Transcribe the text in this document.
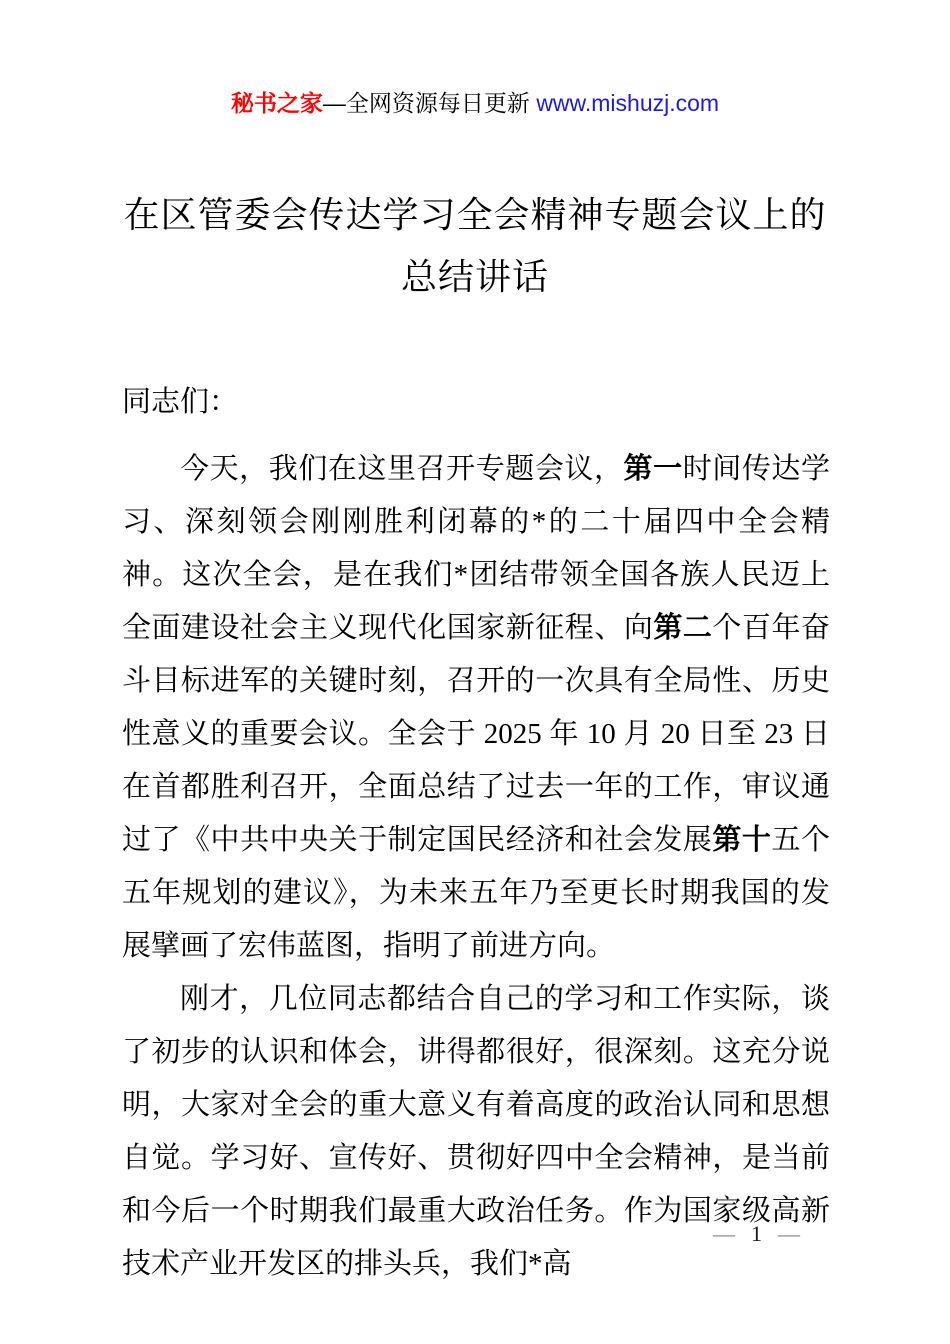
秘书之家—全网资源每日更新 www.mishuzj.com
在区管委会传达学习全会精神专题会议上的
总结讲话

同志们：

今天，我们在这里召开专题会议，第一时间传达学习、深刻领会刚刚胜利闭幕的*的二十届四中全会精神。这次全会，是在我们*团结带领全国各族人民迈上全面建设社会主义现代化国家新征程、向第二个百年奋斗目标进军的关键时刻，召开的一次具有全局性、历史性意义的重要会议。全会于 2025 年 10 月 20 日至 23 日在首都胜利召开，全面总结了过去一年的工作，审议通过了《中共中央关于制定国民经济和社会发展第十五个五年规划的建议》，为未来五年乃至更长时期我国的发展擘画了宏伟蓝图，指明了前进方向。

刚才，几位同志都结合自己的学习和工作实际，谈了初步的认识和体会，讲得都很好，很深刻。这充分说明，大家对全会的重大意义有着高度的政治认同和思想自觉。学习好、宣传好、贯彻好四中全会精神，是当前和今后一个时期我们最重大政治任务。作为国家级高新技术产业开发区的排头兵，我们*高

— 1 —
